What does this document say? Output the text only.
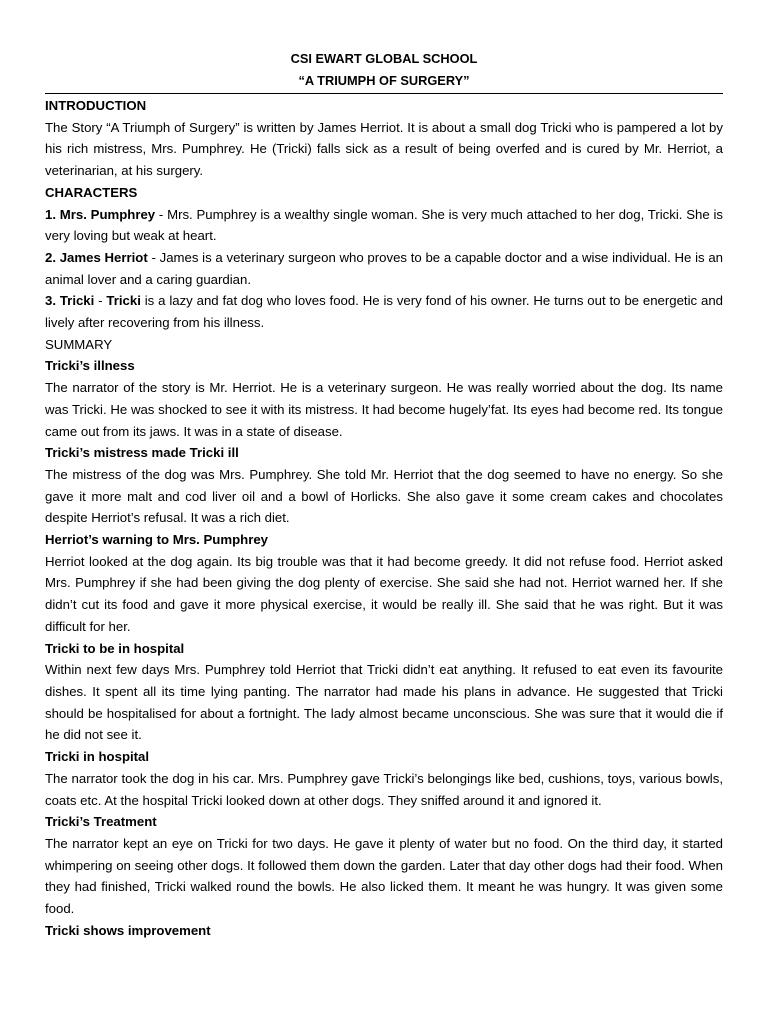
CSI EWART GLOBAL SCHOOL
“A TRIUMPH OF SURGERY”

INTRODUCTION

The Story “A Triumph of Surgery” is written by James Herriot. It is about a small dog Tricki who is pampered a lot by his rich mistress, Mrs. Pumphrey. He (Tricki) falls sick as a result of being overfed and is cured by Mr. Herriot, a veterinarian, at his surgery.

CHARACTERS

1. Mrs. Pumphrey - Mrs. Pumphrey is a wealthy single woman. She is very much attached to her dog, Tricki. She is very loving but weak at heart.

2. James Herriot - James is a veterinary surgeon who proves to be a capable doctor and a wise individual. He is an animal lover and a caring guardian.

3. Tricki - Tricki is a lazy and fat dog who loves food. He is very fond of his owner. He turns out to be energetic and lively after recovering from his illness.

SUMMARY

Tricki’s illness

The narrator of the story is Mr. Herriot. He is a veterinary surgeon. He was really worried about the dog. Its name was Tricki. He was shocked to see it with its mistress. It had become hugely’fat. Its eyes had become red. Its tongue came out from its jaws. It was in a state of disease.

Tricki’s mistress made Tricki ill

The mistress of the dog was Mrs. Pumphrey. She told Mr. Herriot that the dog seemed to have no energy. So she gave it more malt and cod liver oil and a bowl of Horlicks. She also gave it some cream cakes and chocolates despite Herriot’s refusal. It was a rich diet.

Herriot’s warning to Mrs. Pumphrey

Herriot looked at the dog again. Its big trouble was that it had become greedy. It did not refuse food. Herriot asked Mrs. Pumphrey if she had been giving the dog plenty of exercise. She said she had not. Herriot warned her. If she didn’t cut its food and gave it more physical exercise, it would be really ill. She said that he was right. But it was difficult for her.

Tricki to be in hospital

Within next few days Mrs. Pumphrey told Herriot that Tricki didn’t eat anything. It refused to eat even its favourite dishes. It spent all its time lying panting. The narrator had made his plans in advance. He suggested that Tricki should be hospitalised for about a fortnight. The lady almost became unconscious. She was sure that it would die if he did not see it.

Tricki in hospital

The narrator took the dog in his car. Mrs. Pumphrey gave Tricki’s belongings like bed, cushions, toys, various bowls, coats etc. At the hospital Tricki looked down at other dogs. They sniffed around it and ignored it.

Tricki’s Treatment

The narrator kept an eye on Tricki for two days. He gave it plenty of water but no food. On the third day, it started whimpering on seeing other dogs. It followed them down the garden. Later that day other dogs had their food. When they had finished, Tricki walked round the bowls. He also licked them. It meant he was hungry. It was given some food.

Tricki shows improvement
